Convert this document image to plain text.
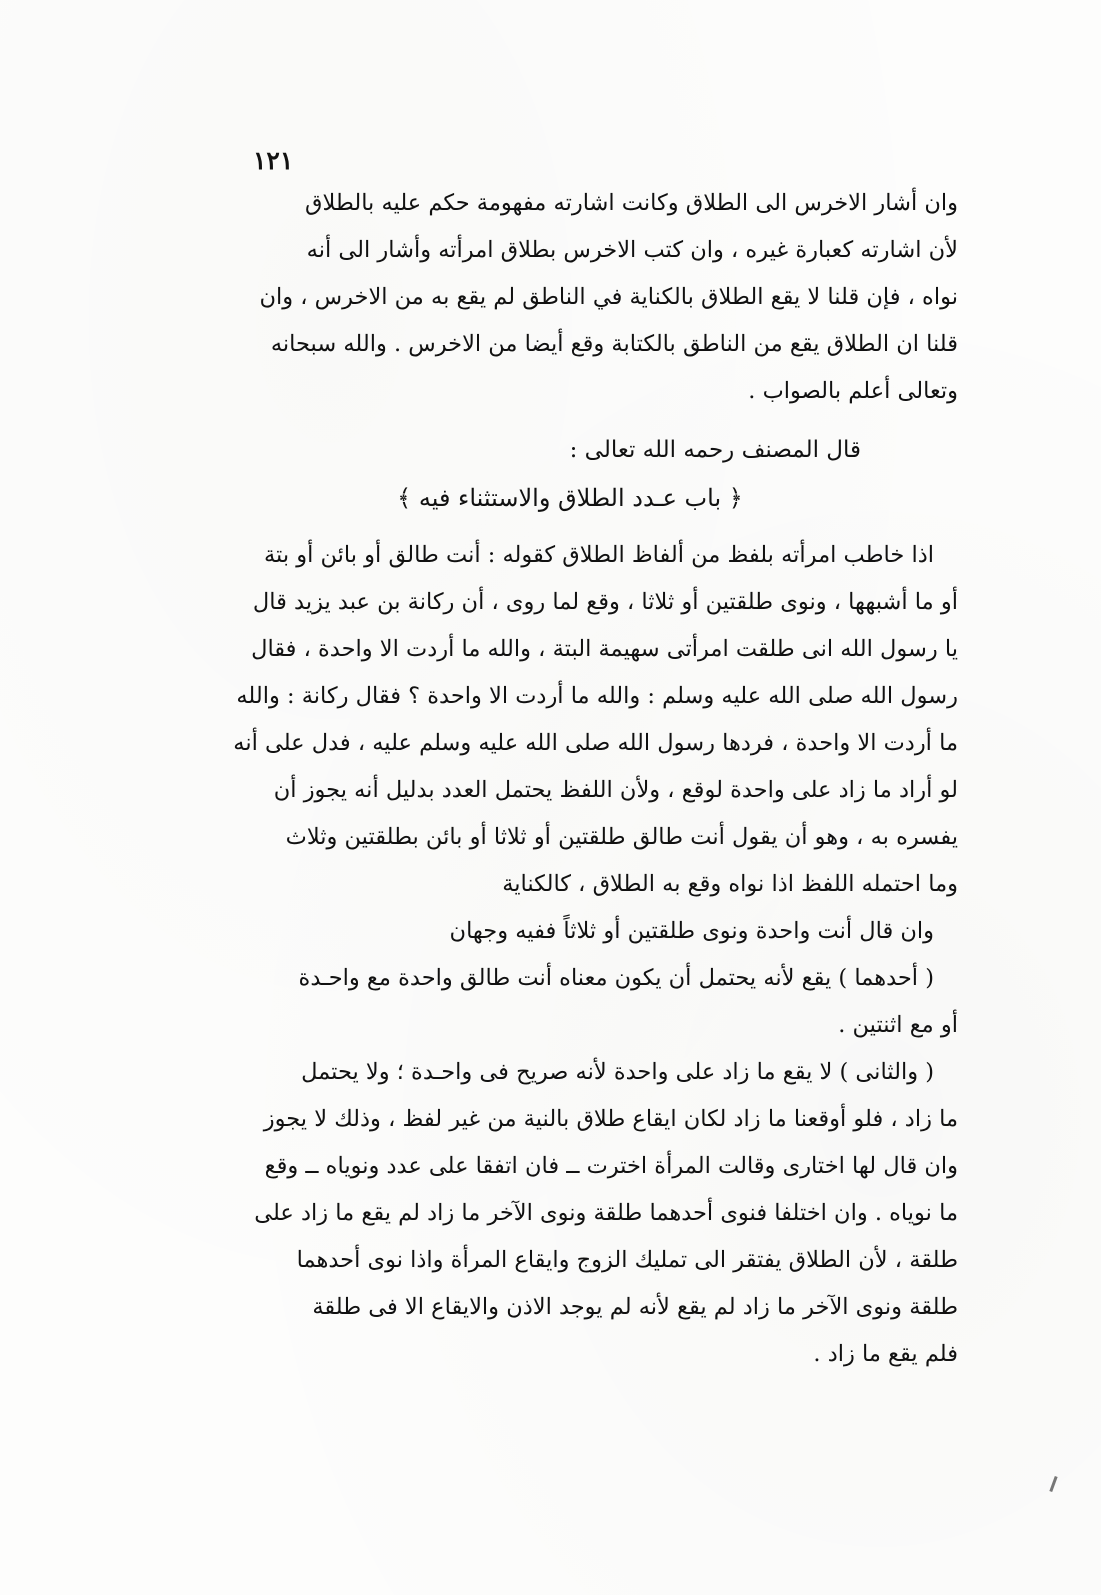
١٢١
وان أشار الاخرس الى الطلاق وكانت اشارته مفهومة حكم عليه بالطلاق
لأن اشارته كعبارة غيره ، وان كتب الاخرس بطلاق امرأته وأشار الى أنه
نواه ، فإن قلنا لا يقع الطلاق بالكناية في الناطق لم يقع به من الاخرس ، وان
قلنا ان الطلاق يقع من الناطق بالكتابة وقع أيضا من الاخرس . والله سبحانه
وتعالى أعلم بالصواب .
قال المصنف رحمه الله تعالى :
﴿ باب عـدد الطلاق والاستثناء فيه ﴾
اذا خاطب امرأته بلفظ من ألفاظ الطلاق كقوله : أنت طالق أو بائن أو بتة
أو ما أشبهها ، ونوى طلقتين أو ثلاثا ، وقع لما روى ، أن ركانة بن عبد يزيد قال
يا رسول الله انى طلقت امرأتى سهيمة البتة ، والله ما أردت الا واحدة ، فقال
رسول الله صلى الله عليه وسلم : والله ما أردت الا واحدة ؟ فقال ركانة : والله
ما أردت الا واحدة ، فردها رسول الله صلى الله عليه وسلم عليه ، فدل على أنه
لو أراد ما زاد على واحدة لوقع ، ولأن اللفظ يحتمل العدد بدليل أنه يجوز أن
يفسره به ، وهو أن يقول أنت طالق طلقتين أو ثلاثا أو بائن بطلقتين وثلاث
وما احتمله اللفظ اذا نواه وقع به الطلاق ، كالكناية
وان قال أنت واحدة ونوى طلقتين أو ثلاثاً ففيه وجهان
( أحدهما ) يقع لأنه يحتمل أن يكون معناه أنت طالق واحدة مع واحـدة
أو مع اثنتين .
( والثانى ) لا يقع ما زاد على واحدة لأنه صريح فى واحـدة ؛ ولا يحتمل
ما زاد ، فلو أوقعنا ما زاد لكان ايقاع طلاق بالنية من غير لفظ ، وذلك لا يجوز
وان قال لها اختارى وقالت المرأة اخترت ــ فان اتفقا على عدد ونوياه ــ وقع
ما نوياه . وان اختلفا فنوى أحدهما طلقة ونوى الآخر ما زاد لم يقع ما زاد على
طلقة ، لأن الطلاق يفتقر الى تمليك الزوج وايقاع المرأة واذا نوى أحدهما
طلقة ونوى الآخر ما زاد لم يقع لأنه لم يوجد الاذن والايقاع الا فى طلقة
فلم يقع ما زاد .
